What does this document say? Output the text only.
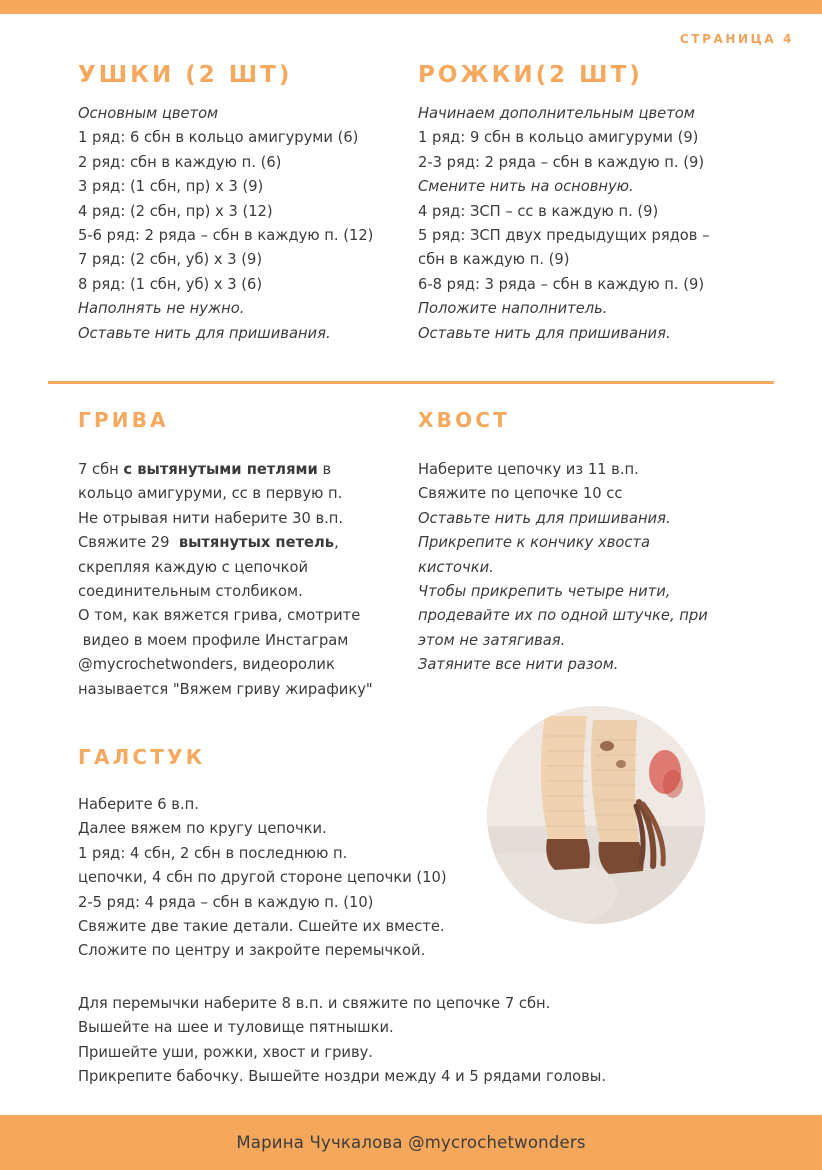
СТРАНИЦА 4
УШКИ (2 ШТ)
Основным цветом
1 ряд: 6 сбн в кольцо амигуруми (6)
2 ряд: сбн в каждую п. (6)
3 ряд: (1 сбн, пр) х 3 (9)
4 ряд: (2 сбн, пр) х 3 (12)
5-6 ряд: 2 ряда – сбн в каждую п. (12)
7 ряд: (2 сбн, уб) х 3 (9)
8 ряд: (1 сбн, уб) х 3 (6)
Наполнять не нужно.
Оставьте нить для пришивания.
РОЖКИ(2 ШТ)
Начинаем дополнительным цветом
1 ряд: 9 сбн в кольцо амигуруми (9)
2-3 ряд: 2 ряда – сбн в каждую п. (9)
Смените нить на основную.
4 ряд: ЗСП – сс в каждую п. (9)
5 ряд: ЗСП двух предыдущих рядов –
сбн в каждую п. (9)
6-8 ряд: 3 ряда – сбн в каждую п. (9)
Положите наполнитель.
Оставьте нить для пришивания.
ГРИВА
7 сбн с вытянутыми петлями в
кольцо амигуруми, сс в первую п.
Не отрывая нити наберите 30 в.п.
Свяжите 29  вытянутых петель,
скрепляя каждую с цепочкой
соединительным столбиком.
О том, как вяжется грива, смотрите
видео в моем профиле Инстаграм
@mycrochetwonders, видеоролик
называется "Вяжем гриву жирафику"
ХВОСТ
Наберите цепочку из 11 в.п.
Свяжите по цепочке 10 сс
Оставьте нить для пришивания.
Прикрепите к кончику хвоста
кисточки.
Чтобы прикрепить четыре нити,
продевайте их по одной штучке, при
этом не затягивая.
Затяните все нити разом.
ГАЛСТУК
Наберите 6 в.п.
Далее вяжем по кругу цепочки.
1 ряд: 4 сбн, 2 сбн в последнюю п.
цепочки, 4 сбн по другой стороне цепочки (10)
2-5 ряд: 4 ряда – сбн в каждую п. (10)
Свяжите две такие детали. Сшейте их вместе.
Сложите по центру и закройте перемычкой.
Для перемычки наберите 8 в.п. и свяжите по цепочке 7 сбн.
Вышейте на шее и туловище пятнышки.
Пришейте уши, рожки, хвост и гриву.
Прикрепите бабочку. Вышейте ноздри между 4 и 5 рядами головы.
Марина Чучкалова @mycrochetwonders
